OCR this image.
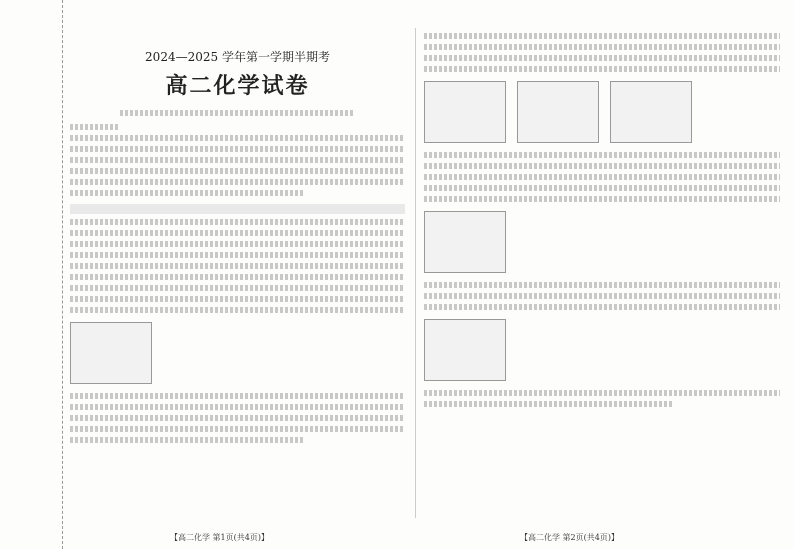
2024—2025 学年第一学期半期考
高二化学试卷

【高二化学 第1页(共4页)】	【高二化学 第2页(共4页)】
